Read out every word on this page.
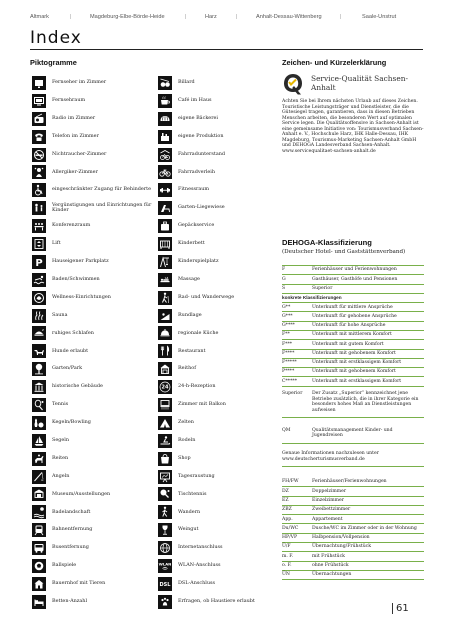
Altmark	|	Magdeburg-Elbe-Börde-Heide	|	Harz	|	Anhalt-Dessau-Wittenberg	|	Saale-Unstrut
Index
Piktogramme	Zeichen- und Kürzelerklärung
Fernseher im Zimmer
Fernsehraum
Radio im Zimmer
Telefon im Zimmer
Nichtraucher-Zimmer
Allergiker-Zimmer
eingeschränkter Zugang für Behinderte
Vergünstigungen und Einrichtungen für Kinder
Konferenzraum
Lift
P Hauseigener Parkplatz
Baden/Schwimmen
Wellness-Einrichtungen
Sauna
z ruhiges Schlafen
Hunde erlaubt
Garten/Park
historische Gebäude
Tennis
Kegeln/Bowling
Segeln
Reiten
Angeln
Museum/Ausstellungen
Badelandschaft
Bahnentfernung
Busentfernung
Ballspiele
Bauernhof mit Tieren
Betten-Anzahl
Billard
Café im Haus
eigene Bäckerei
eigene Produktion
Fahrradunterstand
Fahrradverleih
Fitnessraum
Garten-Liegewiese
Gepäckservice
Kinderbett
Kinderspielplatz
Massage
Rad- und Wanderwege
Rundlage
regionale Küche
Restaurant
Reithof
24 24-h-Rezeption
Zimmer mit Balkon
Zelten
Rodeln
Shop
Tagesraustung
Tischtennis
Wandern
Weingut
Internetanschluss
WLAN WLAN-Anschluss
DSL DSL-Anschluss
Erfragen, ob Haustiere erlaubt
Service-Qualität Sachsen-Anhalt
Achten Sie bei Ihrem nächsten Urlaub auf dieses Zeichen. Touristische Leistungsträger und Dienstleister, die die Gütesiegel tragen, garantieren, dass in diesen Betrieben Menschen arbeiten, die besonderen Wert auf optimalen Service legen. Die Qualitätsoffensive in Sachsen-Anhalt ist eine gemeinsame Initiative von: Tourismusverband Sachsen-Anhalt e. V., Hochschule Harz, IHK Halle-Dessau, IHK Magdeburg, Tourismus-Marketing Sachsen-Anhalt GmbH und DEHOGA Landesverband Sachsen-Anhalt. www.servicequalitaet-sachsen-anhalt.de
DEHOGA-Klassifizierung
(Deutscher Hotel- und Gaststättenverband)
F	Ferienhäuser und Ferienwohnungen
G	Gasthäuser, Gasthöfe und Pensionen
S	Superior
konkrete Klassifizierungen
G**	Unterkunft für mittlere Ansprüche
G***	Unterkunft für gehobene Ansprüche
G****	Unterkunft für hohe Ansprüche
F**	Unterkunft mit mittlerem Komfort
F***	Unterkunft mit gutem Komfort
F****	Unterkunft mit gehobenem Komfort
F*****	Unterkunft mit erstklassigem Komfort
P****	Unterkunft mit gehobenem Komfort
C*****	Unterkunft mit erstklassigem Komfort
Superior	Der Zusatz „Superior“ kennzeichnet jene Betriebe zusätzlich, die in ihrer Kategorie ein besonders hohes Maß an Dienstleistungen aufweisen
QM	Qualitätsmanagement Kinder- und Jugendreisen
Genaue Informationen nachzulesen unter www.deutscherturismusverband.de
FH/FW	Ferienhäuser/Ferienwohnungen
DZ	Doppelzimmer
EZ	Einzelzimmer
ZBZ	Zweibettzimmer
App.	Appartement
Du/WC	Dusche/WC im Zimmer oder in der Wohnung
HP/VP	Halbpension/Vollpension
Ü/F	Übernachtung/Frühstück
m. F.	mit Frühstück
o. F.	ohne Frühstück
ÜN	Übernachtungen
61
